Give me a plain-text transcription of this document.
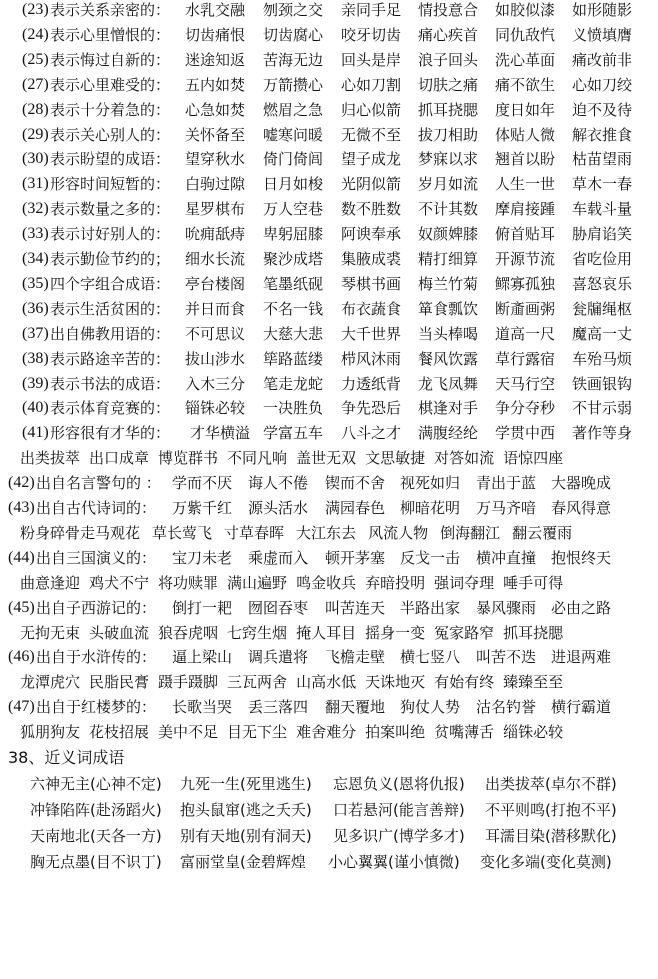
(23) 表示关系亲密的： 水乳交融 刎颈之交 亲同手足 情投意合 如胶似漆 如形随影
(24) 表示心里憎恨的： 切齿痛恨 切齿腐心 咬牙切齿 痛心疾首 同仇敌忾 义愤填膺
(25) 表示悔过自新的： 迷途知返 苦海无边 回头是岸 浪子回头 洗心革面 痛改前非
(27) 表示心里难受的： 五内如焚 万箭攒心 心如刀割 切肤之痛 痛不欲生 心如刀绞
(28) 表示十分着急的： 心急如焚 燃眉之急 归心似箭 抓耳挠腮 度日如年 迫不及待
(29) 表示关心别人的： 关怀备至 嘘寒问暖 无微不至 拔刀相助 体贴人微 解衣推食
(30) 表示盼望的成语： 望穿秋水 倚门倚闾 望子成龙 梦寐以求 翘首以盼 枯苗望雨
(31) 形容时间短暂的： 白驹过隙 日月如梭 光阴似箭 岁月如流 人生一世 草木一春
(32) 表示数量之多的： 星罗棋布 万人空巷 数不胜数 不计其数 摩肩接踵 车载斗量
(33) 表示讨好别人的： 吮痈舐痔 卑躬屈膝 阿谀奉承 奴颜婢膝 俯首贴耳 胁肩谄笑
(34) 表示勤俭节约的； 细水长流 聚沙成塔 集腋成裘 精打细算 开源节流 省吃俭用
(35) 四个字组合成语： 亭台楼阁 笔墨纸砚 琴棋书画 梅兰竹菊 鳏寡孤独 喜怒哀乐
(36) 表示生活贫困的： 并日而食 不名一钱 布衣蔬食 箪食瓢饮 断齑画粥 瓮牖绳枢
(37) 出自佛教用语的： 不可思议 大慈大悲 大千世界 当头棒喝 道高一尺 魔高一丈
(38) 表示路途辛苦的： 拔山涉水 筚路蓝缕 栉风沐雨 餐风饮露 草行露宿 车殆马烦
(39) 表示书法的成语： 入木三分 笔走龙蛇 力透纸背 龙飞凤舞 天马行空 铁画银钩
(40) 表示体育竞赛的： 锱铢必较 一决胜负 争先恐后 棋逢对手 争分夺秒 不甘示弱
(41) 形容很有才华的： 才华横溢 学富五车 八斗之才 满腹经纶 学贯中西 著作等身
出类拔萃 出口成章 博览群书 不同凡响 盖世无双 文思敏捷 对答如流 语惊四座
(42) 出自名言警句的 ： 学而不厌 诲人不倦 锲而不舍 视死如归 青出于蓝 大器晚成
(43) 出自古代诗词的： 万紫千红 源头活水 满园春色 柳暗花明 万马齐喑 春风得意
粉身碎骨走马观花 草长莺飞 寸草春晖 大江东去 风流人物 倒海翻江 翻云覆雨
(44) 出自三国演义的： 宝刀未老 乘虚而入 顿开茅塞 反戈一击 横冲直撞 抱恨终天
曲意逢迎 鸡犬不宁 将功赎罪 满山遍野 鸣金收兵 弃暗投明 强词夺理 唾手可得
(45) 出自子西游记的： 倒打一耙 囫囵吞枣 叫苦连天 半路出家 暴风骤雨 必由之路
无拘无束 头破血流 狼吞虎咽 七窍生烟 掩人耳目 摇身一变 冤家路窄 抓耳挠腮
(46) 出自于水浒传的： 逼上梁山 调兵遣将 飞檐走壁 横七竖八 叫苦不迭 进退两难
龙潭虎穴 民脂民膏 蹑手蹑脚 三瓦两舍 山高水低 天诛地灭 有始有终 臻臻至至
(47) 出自于红楼梦的： 长歌当哭 丢三落四 翻天覆地 狗仗人势 沽名钓誉 横行霸道
狐朋狗友 花枝招展 美中不足 目无下尘 难舍难分 拍案叫绝 贫嘴薄舌 缁铢必较
38、近义词成语
六神无主(心神不定) 九死一生(死里逃生) 忘恩负义(恩将仇报) 出类拔萃(卓尔不群)
冲锋陷阵(赴汤蹈火) 抱头鼠窜(逃之夭夭) 口若悬河(能言善辩) 不平则鸣(打抱不平)
天南地北(天各一方) 别有天地(别有洞天) 见多识广(博学多才) 耳濡目染(潜移默化)
胸无点墨(目不识丁) 富丽堂皇(金碧辉煌 小心翼翼(谨小慎微) 变化多端(变化莫测)
